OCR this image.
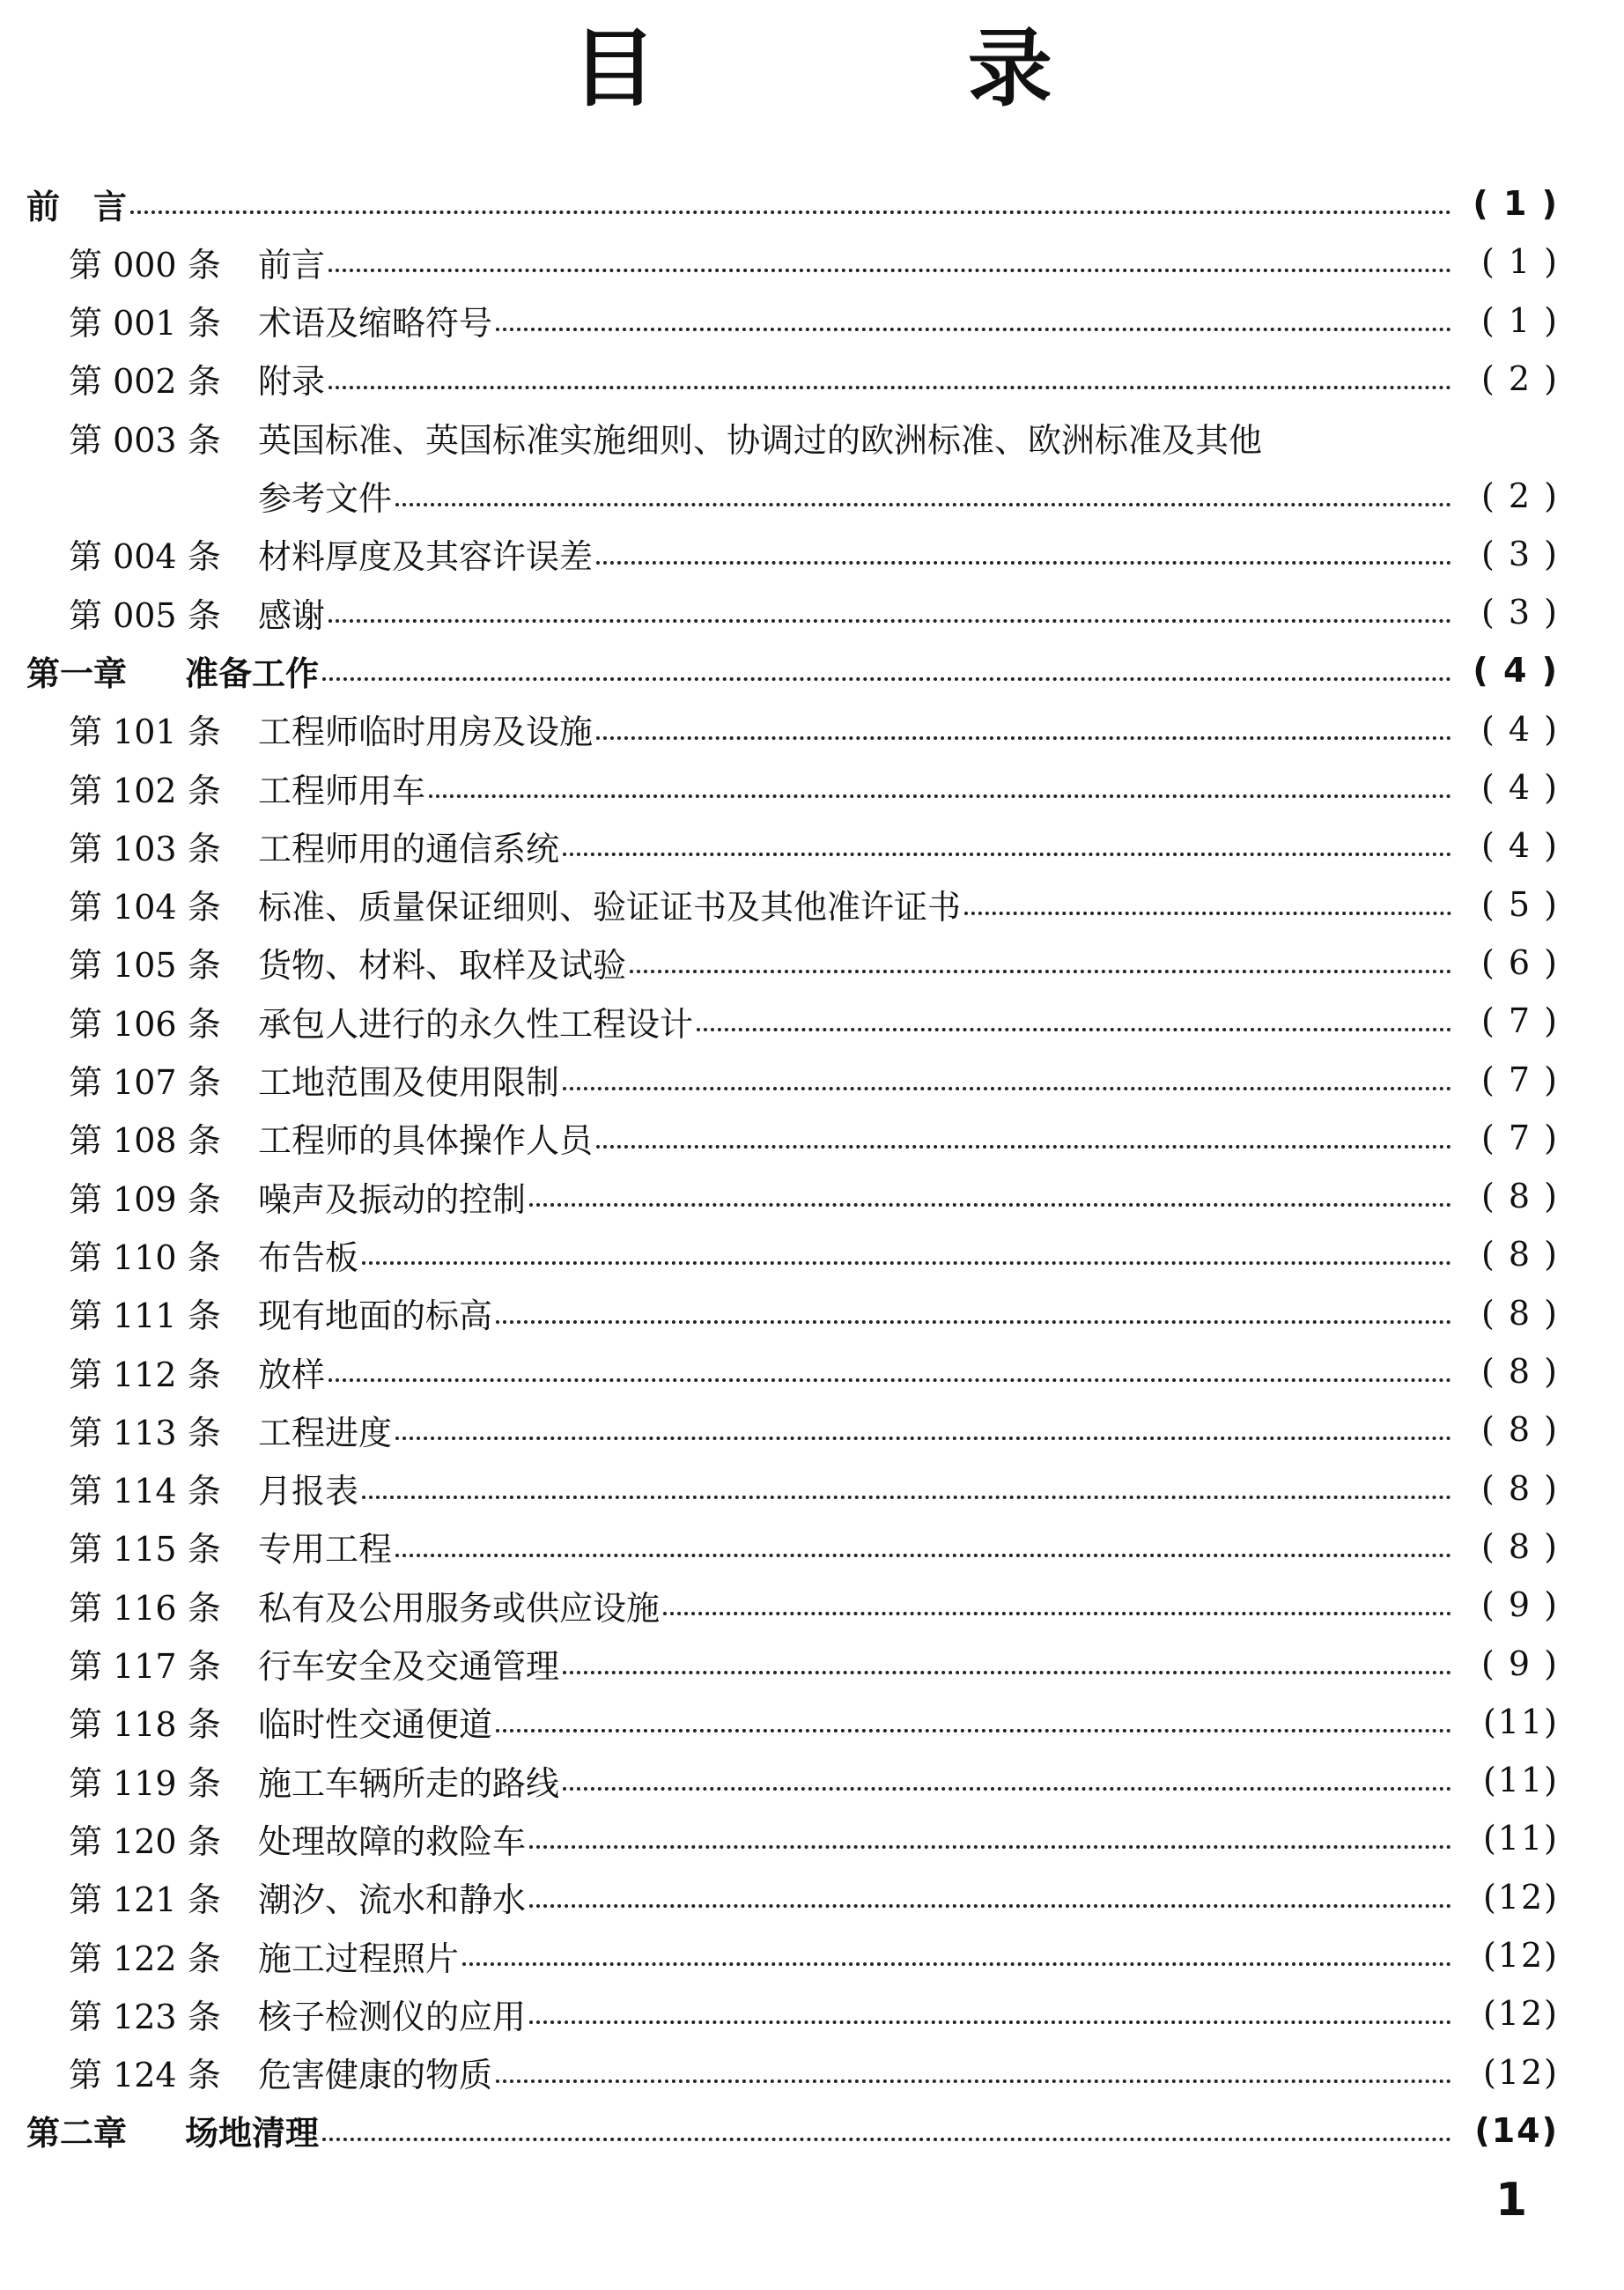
目 录
前　言	( 1 )
第 000 条	前言	( 1 )
第 001 条	术语及缩略符号	( 1 )
第 002 条	附录	( 2 )
第 003 条	英国标准、英国标准实施细则、协调过的欧洲标准、欧洲标准及其他
参考文件	( 2 )
第 004 条	材料厚度及其容许误差	( 3 )
第 005 条	感谢	( 3 )
第一章	准备工作	( 4 )
第 101 条	工程师临时用房及设施	( 4 )
第 102 条	工程师用车	( 4 )
第 103 条	工程师用的通信系统	( 4 )
第 104 条	标准、质量保证细则、验证证书及其他准许证书	( 5 )
第 105 条	货物、材料、取样及试验	( 6 )
第 106 条	承包人进行的永久性工程设计	( 7 )
第 107 条	工地范围及使用限制	( 7 )
第 108 条	工程师的具体操作人员	( 7 )
第 109 条	噪声及振动的控制	( 8 )
第 110 条	布告板	( 8 )
第 111 条	现有地面的标高	( 8 )
第 112 条	放样	( 8 )
第 113 条	工程进度	( 8 )
第 114 条	月报表	( 8 )
第 115 条	专用工程	( 8 )
第 116 条	私有及公用服务或供应设施	( 9 )
第 117 条	行车安全及交通管理	( 9 )
第 118 条	临时性交通便道	(11)
第 119 条	施工车辆所走的路线	(11)
第 120 条	处理故障的救险车	(11)
第 121 条	潮汐、流水和静水	(12)
第 122 条	施工过程照片	(12)
第 123 条	核子检测仪的应用	(12)
第 124 条	危害健康的物质	(12)
第二章	场地清理	(14)
1
